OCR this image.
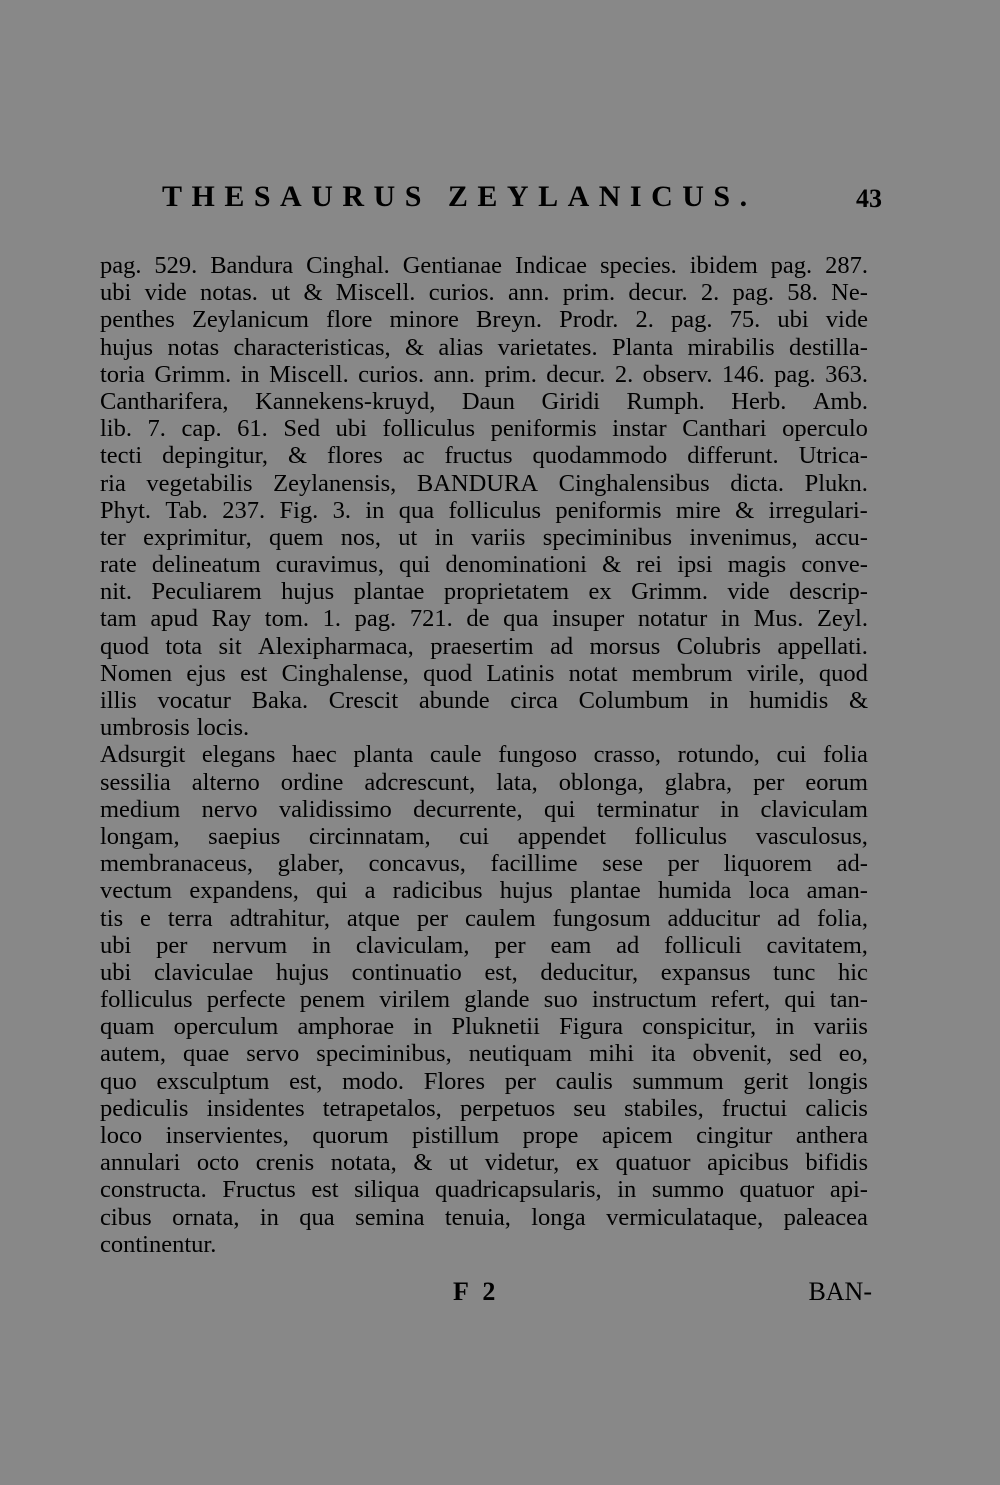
THESAURUS ZEYLANICUS.	43
pag. 529. Bandura Cinghal. Gentianae Indicae species. ibidem pag. 287.
ubi vide notas. ut & Miscell. curios. ann. prim. decur. 2. pag. 58. Ne-
penthes Zeylanicum flore minore Breyn. Prodr. 2. pag. 75. ubi vide
hujus notas characteristicas, & alias varietates. Planta mirabilis destilla-
toria Grimm. in Miscell. curios. ann. prim. decur. 2. observ. 146. pag. 363.
Cantharifera, Kannekens-kruyd, Daun Giridi Rumph. Herb. Amb.
lib. 7. cap. 61. Sed ubi folliculus peniformis instar Canthari operculo
tecti depingitur, & flores ac fructus quodammodo differunt. Utrica-
ria vegetabilis Zeylanensis, BANDURA Cinghalensibus dicta. Plukn.
Phyt. Tab. 237. Fig. 3. in qua folliculus peniformis mire & irregulari-
ter exprimitur, quem nos, ut in variis speciminibus invenimus, accu-
rate delineatum curavimus, qui denominationi & rei ipsi magis conve-
nit. Peculiarem hujus plantae proprietatem ex Grimm. vide descrip-
tam apud Ray tom. 1. pag. 721. de qua insuper notatur in Mus. Zeyl.
quod tota sit Alexipharmaca, praesertim ad morsus Colubris appellati.
Nomen ejus est Cinghalense, quod Latinis notat membrum virile, quod
illis vocatur Baka. Crescit abunde circa Columbum in humidis &
umbrosis locis.
Adsurgit elegans haec planta caule fungoso crasso, rotundo, cui folia
sessilia alterno ordine adcrescunt, lata, oblonga, glabra, per eorum
medium nervo validissimo decurrente, qui terminatur in claviculam
longam, saepius circinnatam, cui appendet folliculus vasculosus,
membranaceus, glaber, concavus, facillime sese per liquorem ad-
vectum expandens, qui a radicibus hujus plantae humida loca aman-
tis e terra adtrahitur, atque per caulem fungosum adducitur ad folia,
ubi per nervum in claviculam, per eam ad folliculi cavitatem,
ubi claviculae hujus continuatio est, deducitur, expansus tunc hic
folliculus perfecte penem virilem glande suo instructum refert, qui tan-
quam operculum amphorae in Pluknetii Figura conspicitur, in variis
autem, quae servo speciminibus, neutiquam mihi ita obvenit, sed eo,
quo exsculptum est, modo. Flores per caulis summum gerit longis
pediculis insidentes tetrapetalos, perpetuos seu stabiles, fructui calicis
loco inservientes, quorum pistillum prope apicem cingitur anthera
annulari octo crenis notata, & ut videtur, ex quatuor apicibus bifidis
constructa. Fructus est siliqua quadricapsularis, in summo quatuor api-
cibus ornata, in qua semina tenuia, longa vermiculataque, paleacea
continentur.
F 2	BAN-
